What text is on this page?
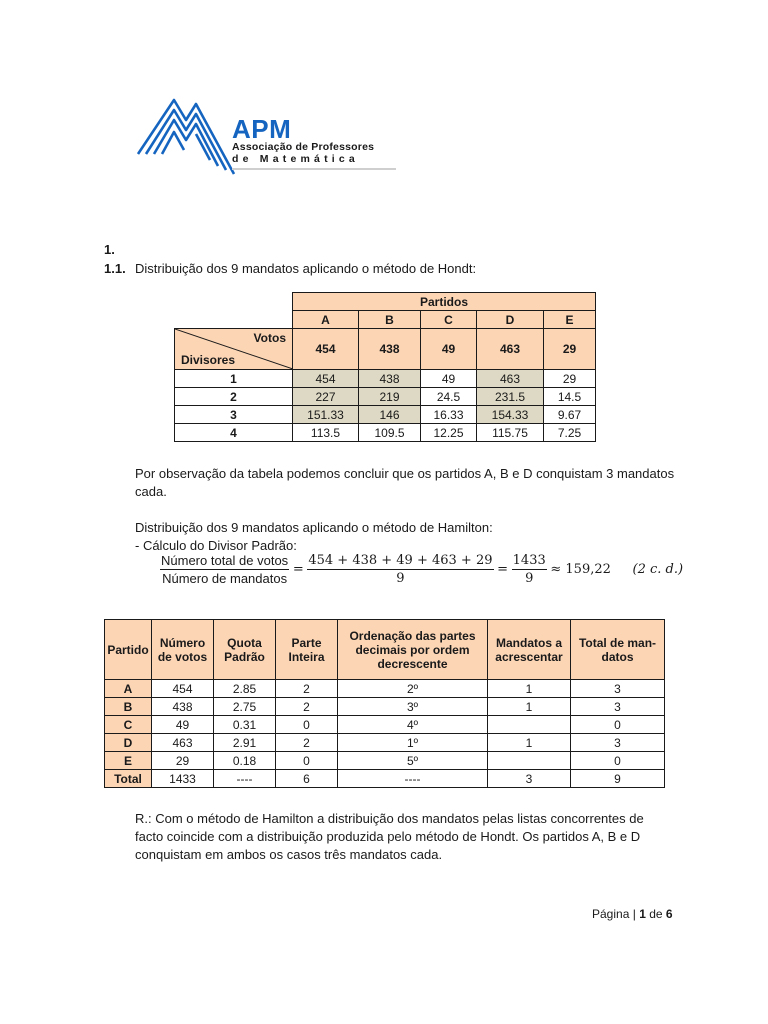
APM
Associação de Professores
de Matemática
1.
1.1. Distribuição dos 9 mandatos aplicando o método de Hondt:
	Partidos				
	A	B	C	D	E

Votos
Divisores	454	438	49	463	29
1	454	438	49	463	29
2	227	219	24.5	231.5	14.5
3	151.33	146	16.33	154.33	9.67
4	113.5	109.5	12.25	115.75	7.25
Por observação da tabela podemos concluir que os partidos A, B e D conquistam 3 mandatos cada.
Distribuição dos 9 mandatos aplicando o método de Hamilton:
- Cálculo do Divisor Padrão:
$\frac{\text{Número total de votos}}{\text{Número de mandatos}} = \frac{454 + 438 + 49 + 463 + 29}{9} = \frac{1433}{9} \approx 159,22$ (2 c. d.)
Partido	Número de votos	Quota Padrão	Parte Inteira	Ordenação das partes decimais por ordem decrescente	Mandatos a acrescentar	Total de man-datos
A	454	2.85	2	2º	1	3
B	438	2.75	2	3º	1	3
C	49	0.31	0	4º		0
D	463	2.91	2	1º	1	3
E	29	0.18	0	5º		0
Total	1433	----	6	----	3	9
R.: Com o método de Hamilton a distribuição dos mandatos pelas listas concorrentes de facto coincide com a distribuição produzida pelo método de Hondt. Os partidos A, B e D conquistam em ambos os casos três mandatos cada.
Página | 1 de 6
